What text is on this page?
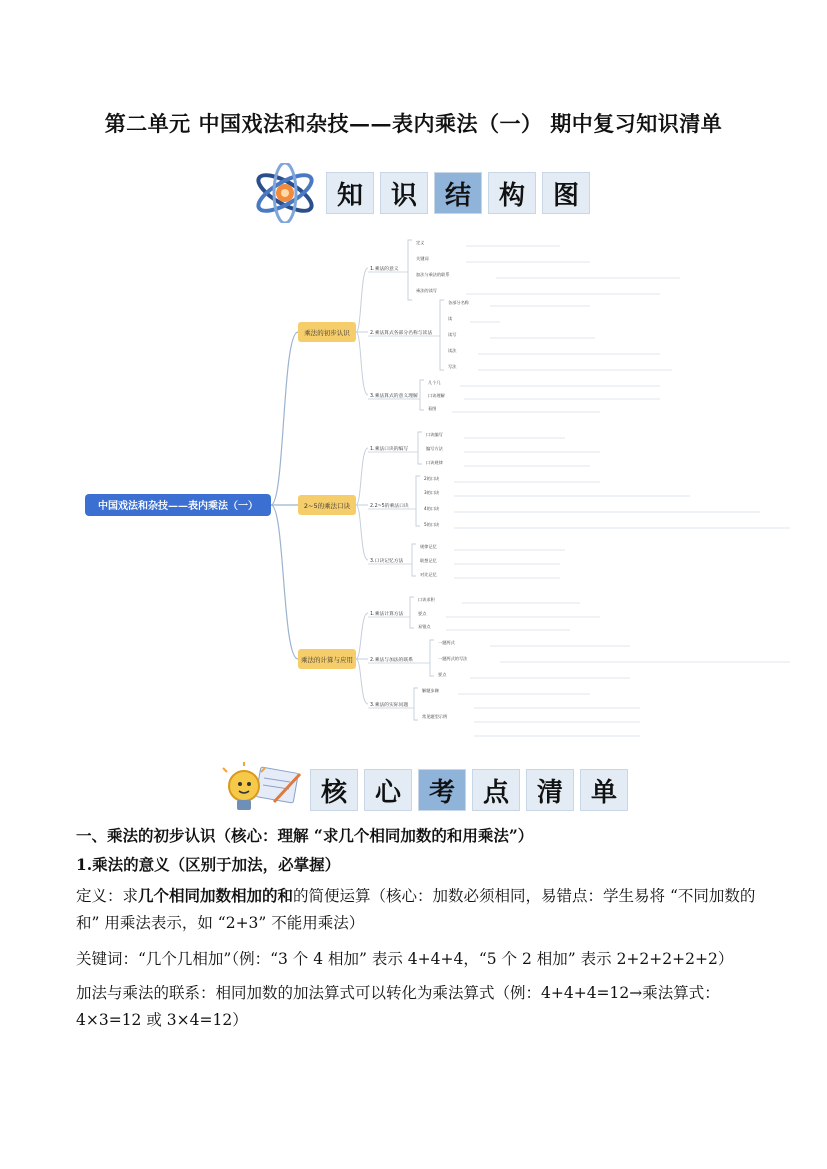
第二单元 中国戏法和杂技——表内乘法（一） 期中复习知识清单
知	识	结	构	图
中国戏法和杂技——表内乘法（一）
乘法的初步认识
2~5的乘法口诀
乘法的计算与应用
1.乘法的意义
2.乘法算式各部分名称与读法
3.乘法算式的意义理解
1.乘法口诀的编写
2.2~5的乘法口诀
3.口诀记忆方法
1.乘法计算方法
2.乘法与加法的联系
3.乘法的实际问题
定义
关键词
加法与乘法的联系
乘法的读写
各部分名称
读
读写
读法
写法
几个几
口诀理解
看图
口诀编写
编写方法
口诀规律
2的口诀
3的口诀
4的口诀
5的口诀
规律记忆
联想记忆
对比记忆
口诀求积
要点
易错点
一题两式
一题两式的写法
要点
解题步骤
常见题型示例
核	心	考	点	清	单
一、乘法的初步认识（核心：理解 “求几个相同加数的和用乘法”）
1.乘法的意义（区别于加法，必掌握）
定义：求几个相同加数相加的和的简便运算（核心：加数必须相同，易错点：学生易将 “不同加数的和” 用乘法表示，如 “2+3” 不能用乘法）
关键词：“几个几相加”（例：“3 个 4 相加” 表示 4+4+4，“5 个 2 相加” 表示 2+2+2+2+2）
加法与乘法的联系：相同加数的加法算式可以转化为乘法算式（例：4+4+4=12→乘法算式：4×3=12 或 3×4=12）
